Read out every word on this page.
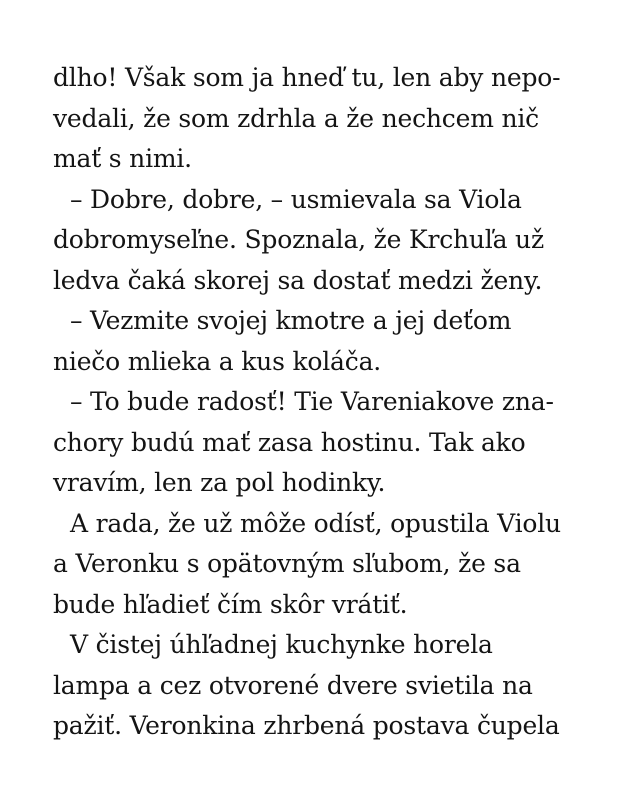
dlho! Však som ja hneď tu, len aby nepo-
vedali, že som zdrhla a že nechcem nič
mať s nimi.
– Dobre, dobre, – usmievala sa Viola
dobromyseľne. Spoznala, že Krchuľa už
ledva čaká skorej sa dostať medzi ženy.
– Vezmite svojej kmotre a jej deťom
niečo mlieka a kus koláča.
– To bude radosť! Tie Vareniakove zna-
chory budú mať zasa hostinu. Tak ako
vravím, len za pol hodinky.
A rada, že už môže odísť, opustila Violu
a Veronku s opätovným sľubom, že sa
bude hľadieť čím skôr vrátiť.
V čistej úhľadnej kuchynke horela
lampa a cez otvorené dvere svietila na
pažiť. Veronkina zhrbená postava čupela
